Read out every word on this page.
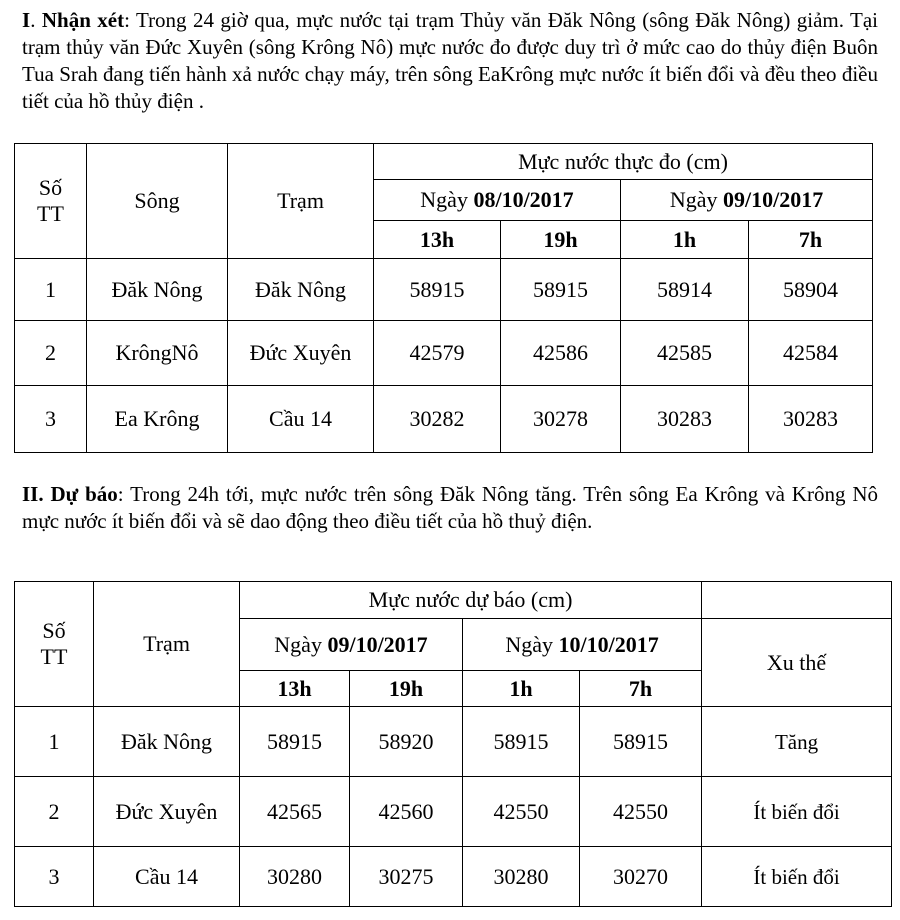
I. Nhận xét: Trong 24 giờ qua, mực nước tại trạm Thủy văn Đăk Nông (sông Đăk Nông) giảm. Tại trạm thủy văn Đức Xuyên (sông Krông Nô) mực nước đo được duy trì ở mức cao do thủy điện Buôn Tua Srah đang tiến hành xả nước chạy máy, trên sông EaKrông mực nước ít biến đổi và đều theo điều tiết của hồ thủy điện .
Số TT	Sông	Trạm	Mực nước thực đo (cm)			
			Ngày 08/10/2017		Ngày 09/10/2017	
			13h	19h	1h	7h
1	Đăk Nông	Đăk Nông	58915	58915	58914	58904
2	KrôngNô	Đức Xuyên	42579	42586	42585	42584
3	Ea Krông	Cầu 14	30282	30278	30283	30283
II. Dự báo: Trong 24h tới, mực nước trên sông Đăk Nông tăng. Trên sông Ea Krông và Krông Nô mực nước ít biến đổi và sẽ dao động theo điều tiết của hồ thuỷ điện.
Số TT	Trạm	Mực nước dự báo (cm)				
		Ngày 09/10/2017		Ngày 10/10/2017		Xu thế
		13h	19h	1h	7h	
1	Đăk Nông	58915	58920	58915	58915	Tăng
2	Đức Xuyên	42565	42560	42550	42550	Ít biến đổi
3	Cầu 14	30280	30275	30280	30270	Ít biến đổi
